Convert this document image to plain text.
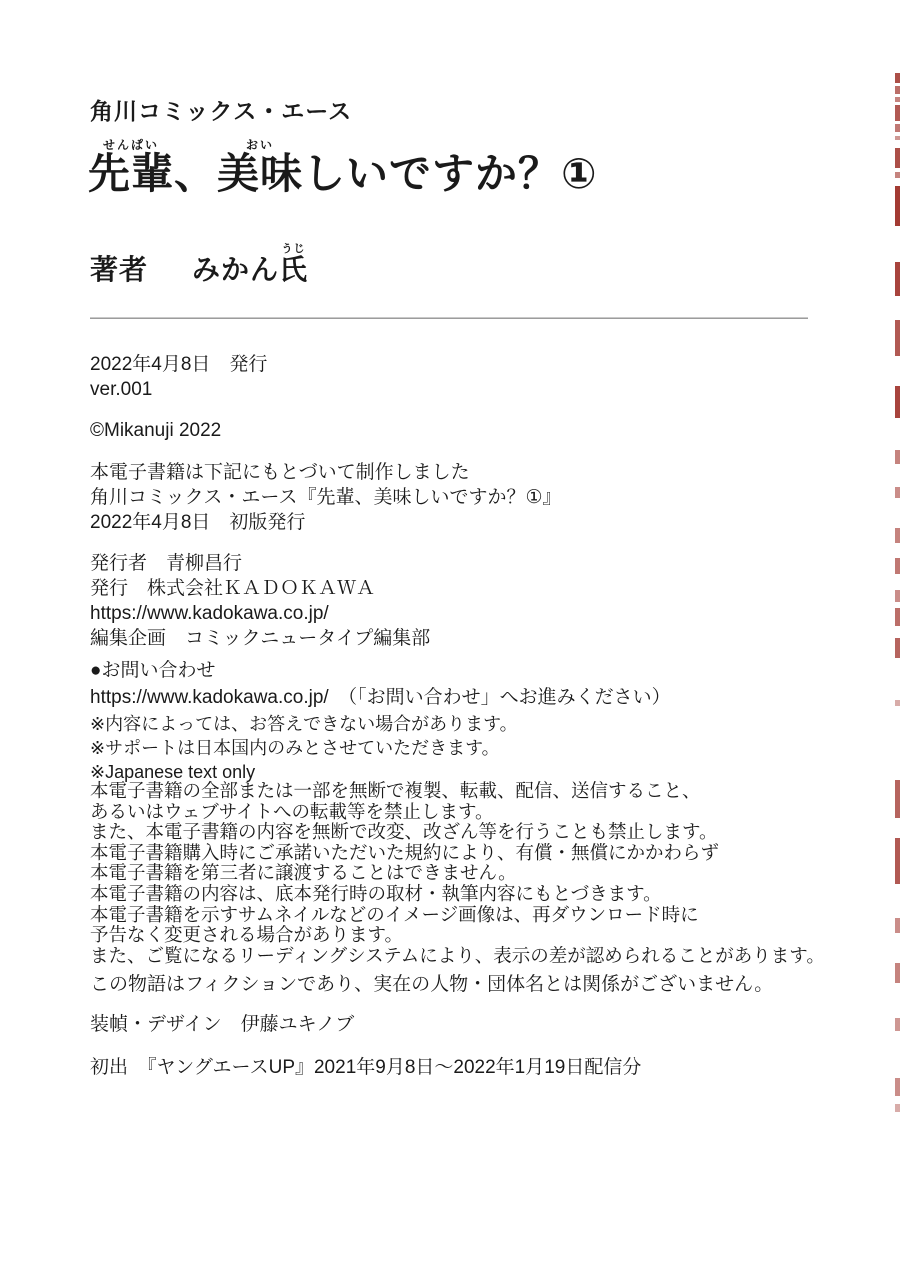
角川コミックス・エース
先輩せんぱい、美味おいしいですか？①
著者 みかん氏うじ
2022年4月8日　発行
ver.001
©Mikanuji 2022
本電子書籍は下記にもとづいて制作しました
角川コミックス・エース『先輩、美味しいですか？①』
2022年4月8日　初版発行
発行者　青柳昌行
発行　株式会社ＫＡＤＯＫＡＷＡ
https://www.kadokawa.co.jp/
編集企画　コミックニュータイプ編集部
●お問い合わせ
https://www.kadokawa.co.jp/　（「お問い合わせ」へお進みください）
※内容によっては、お答えできない場合があります。
※サポートは日本国内のみとさせていただきます。
※Japanese text only
本電子書籍の全部または一部を無断で複製、転載、配信、送信すること、
あるいはウェブサイトへの転載等を禁止します。
また、本電子書籍の内容を無断で改変、改ざん等を行うことも禁止します。
本電子書籍購入時にご承諾いただいた規約により、有償・無償にかかわらず
本電子書籍を第三者に譲渡することはできません。
本電子書籍の内容は、底本発行時の取材・執筆内容にもとづきます。
本電子書籍を示すサムネイルなどのイメージ画像は、再ダウンロード時に
予告なく変更される場合があります。
また、ご覧になるリーディングシステムにより、表示の差が認められることがあります。
この物語はフィクションであり、実在の人物・団体名とは関係がございません。
装幀・デザイン　伊藤ユキノブ
初出　『ヤングエースUP』2021年9月8日～2022年1月19日配信分
